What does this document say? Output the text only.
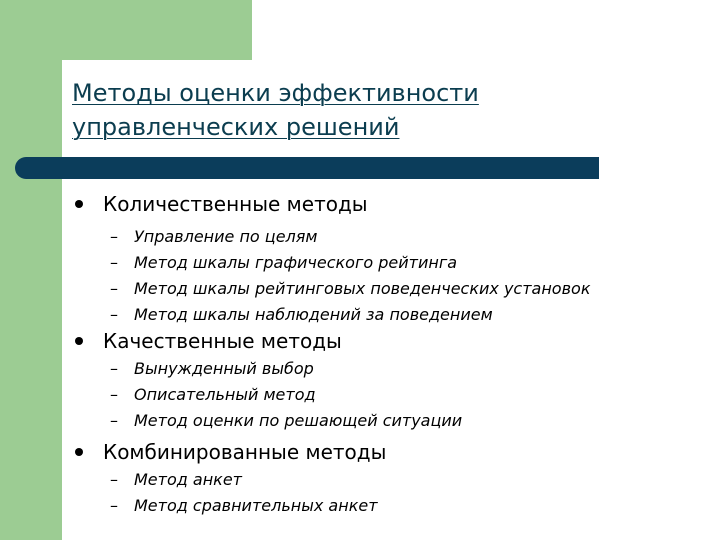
Методы оценки эффективности
управленческих решений
Количественные методы
– Управление по целям
– Метод шкалы графического рейтинга
– Метод шкалы рейтинговых поведенческих установок
– Метод шкалы наблюдений за поведением
Качественные методы
– Вынужденный выбор
– Описательный метод
– Метод оценки по решающей ситуации
Комбинированные методы
– Метод анкет
– Метод сравнительных анкет
